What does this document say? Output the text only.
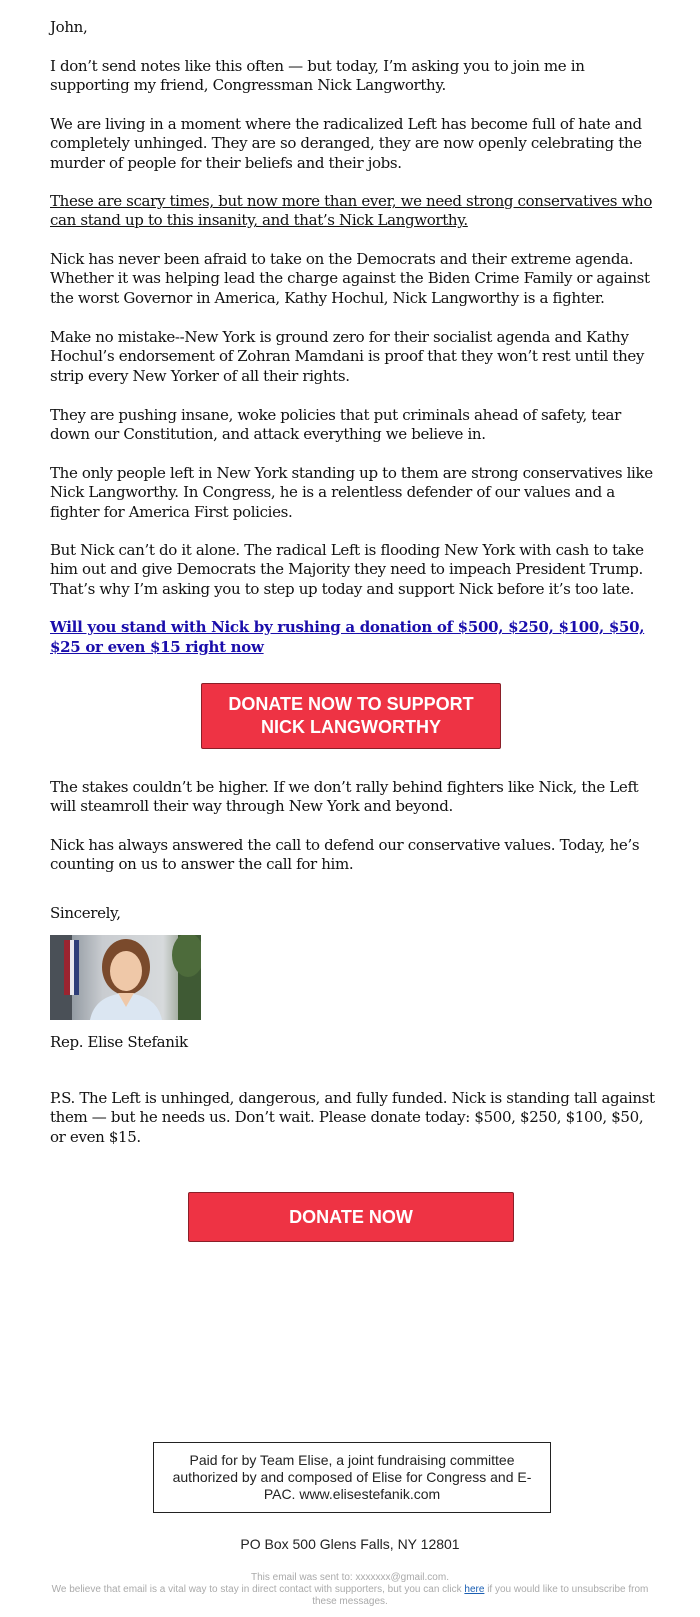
John,

I don’t send notes like this often — but today, I’m asking you to join me in supporting my friend, Congressman Nick Langworthy.

We are living in a moment where the radicalized Left has become full of hate and completely unhinged. They are so deranged, they are now openly celebrating the murder of people for their beliefs and their jobs.

These are scary times, but now more than ever, we need strong conservatives who can stand up to this insanity, and that’s Nick Langworthy.

Nick has never been afraid to take on the Democrats and their extreme agenda. Whether it was helping lead the charge against the Biden Crime Family or against the worst Governor in America, Kathy Hochul, Nick Langworthy is a fighter.

Make no mistake--New York is ground zero for their socialist agenda and Kathy Hochul’s endorsement of Zohran Mamdani is proof that they won’t rest until they strip every New Yorker of all their rights.

They are pushing insane, woke policies that put criminals ahead of safety, tear down our Constitution, and attack everything we believe in.

The only people left in New York standing up to them are strong conservatives like Nick Langworthy. In Congress, he is a relentless defender of our values and a fighter for America First policies.

But Nick can’t do it alone. The radical Left is flooding New York with cash to take him out and give Democrats the Majority they need to impeach President Trump. That’s why I’m asking you to step up today and support Nick before it’s too late.

Will you stand with Nick by rushing a donation of $500, $250, $100, $50, $25 or even $15 right now
DONATE NOW TO SUPPORT NICK LANGWORTHY

The stakes couldn’t be higher. If we don’t rally behind fighters like Nick, the Left will steamroll their way through New York and beyond.

Nick has always answered the call to defend our conservative values. Today, he’s counting on us to answer the call for him.

Sincerely,

Rep. Elise Stefanik

P.S. The Left is unhinged, dangerous, and fully funded. Nick is standing tall against them — but he needs us. Don’t wait. Please donate today: $500, $250, $100, $50, or even $15.

DONATE NOW
Paid for by Team Elise, a joint fundraising committee authorized by and composed of Elise for Congress and E-PAC. www.elisestefanik.com
PO Box 500 Glens Falls, NY 12801
This email was sent to: xxxxxxx@gmail.com.
We believe that email is a vital way to stay in direct contact with supporters, but you can click here if you would like to unsubscribe from these messages.
